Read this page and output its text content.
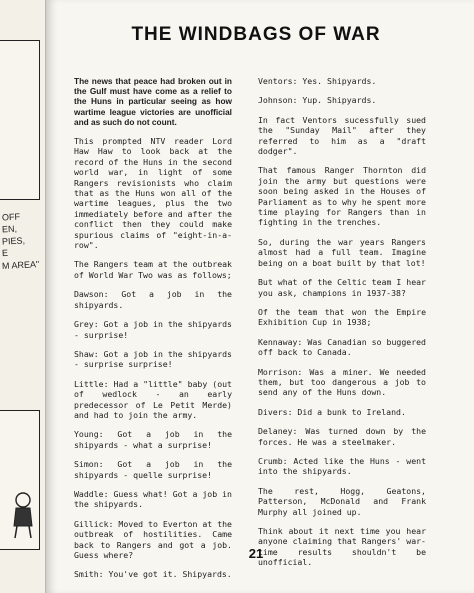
OFF
EN,
PIES,
E
M AREA"
THE WINDBAGS OF WAR

The news that peace had broken out in the Gulf must have come as a relief to the Huns in particular seeing as how wartime league victories are unofficial and as such do not count.

This prompted NTV reader Lord Haw Haw to look back at the record of the Huns in the second world war, in light of some Rangers revisionists who claim that as the Huns won all of the wartime leagues, plus the two immediately before and after the conflict then they could make spurious claims of "eight-in-a-row".

The Rangers team at the outbreak of World War Two was as follows;

Dawson: Got a job in the shipyards.

Grey: Got a job in the shipyards - surprise!

Shaw: Got a job in the shipyards - surprise surprise!

Little: Had a "little" baby (out of wedlock - an early predecessor of Le Petit Merde) and had to join the army.

Young: Got a job in the shipyards - what a surprise!

Simon: Got a job in the shipyards - quelle surprise!

Waddle: Guess what! Got a job in the shipyards.

Gillick: Moved to Everton at the outbreak of hostilities. Came back to Rangers and got a job. Guess where?

Smith: You've got it. Shipyards.

Ventors: Yes. Shipyards.

Johnson: Yup. Shipyards.

In fact Ventors sucessfully sued the "Sunday Mail" after they referred to him as a "draft dodger".

That famous Ranger Thornton did join the army but questions were soon being asked in the Houses of Parliament as to why he spent more time playing for Rangers than in fighting in the trenches.

So, during the war years Rangers almost had a full team. Imagine being on a boat built by that lot!

But what of the Celtic team I hear you ask, champions in 1937-38?

Of the team that won the Empire Exhibition Cup in 1938;

Kennaway: Was Canadian so buggered off back to Canada.

Morrison: Was a miner. We needed them, but too dangerous a job to send any of the Huns down.

Divers: Did a bunk to Ireland.

Delaney: Was turned down by the forces. He was a steelmaker.

Crumb: Acted like the Huns - went into the shipyards.

The rest, Hogg, Geatons, Patterson, McDonald and Frank Murphy all joined up.

Think about it next time you hear anyone claiming that Rangers' war-time results shouldn't be unofficial.

21
